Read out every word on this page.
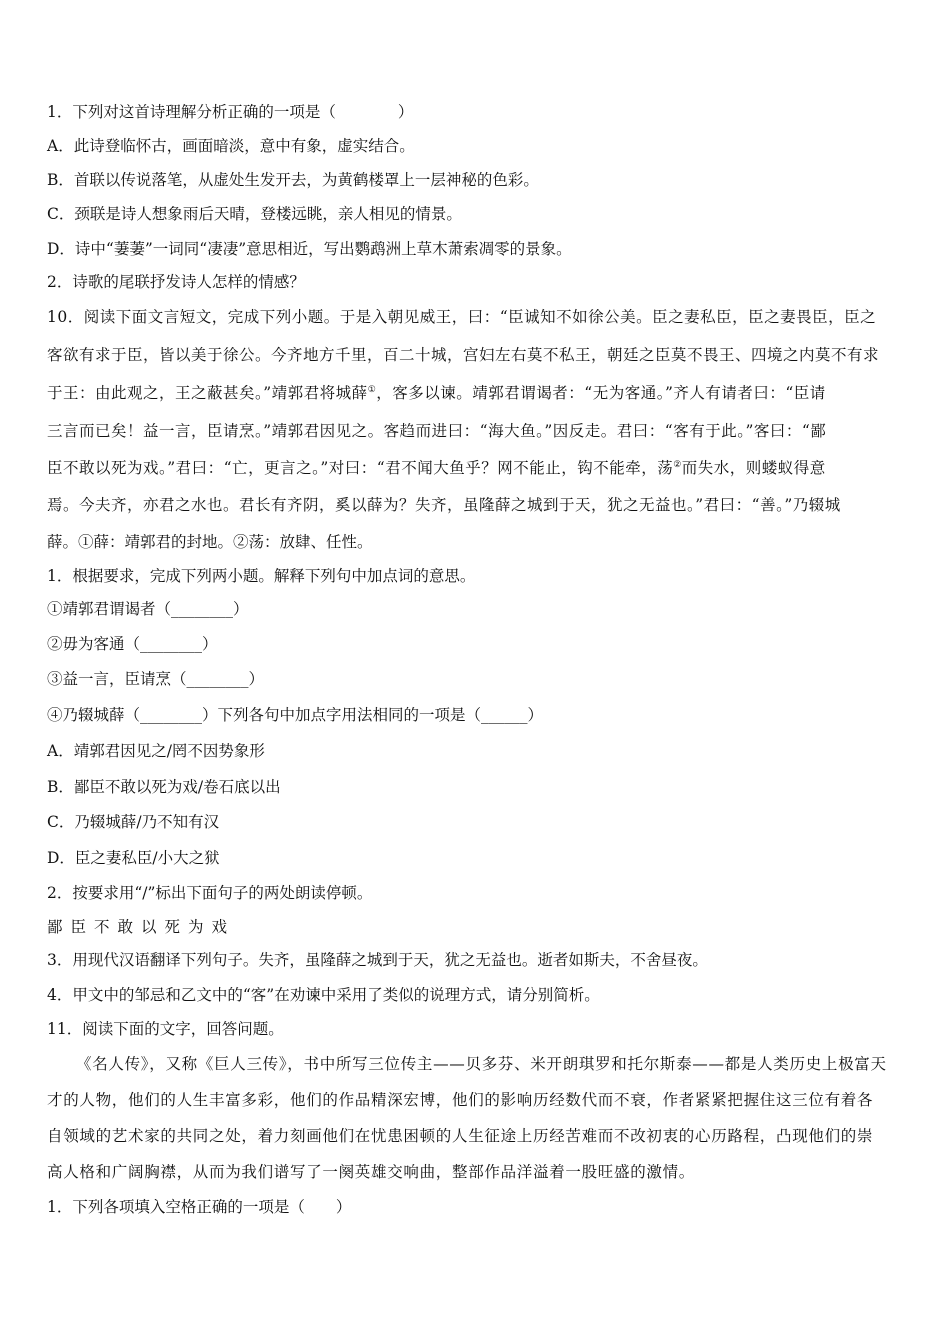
1．下列对这首诗理解分析正确的一项是（　　　　）
A．此诗登临怀古，画面暗淡，意中有象，虚实结合。
B．首联以传说落笔，从虚处生发开去，为黄鹤楼罩上一层神秘的色彩。
C．颈联是诗人想象雨后天晴，登楼远眺，亲人相见的情景。
D．诗中“萋萋”一词同“凄凄”意思相近，写出鹦鹉洲上草木萧索凋零的景象。
2．诗歌的尾联抒发诗人怎样的情感？
10．阅读下面文言短文，完成下列小题。于是入朝见威王，曰：“臣诚知不如徐公美。臣之妻私臣，臣之妻畏臣，臣之
客欲有求于臣，皆以美于徐公。今齐地方千里，百二十城，宫妇左右莫不私王，朝廷之臣莫不畏王、四境之内莫不有求
于王：由此观之，王之蔽甚矣。”靖郭君将城薛①，客多以谏。靖郭君谓谒者：“无为客通。”齐人有请者曰：“臣请
三言而已矣！益一言，臣请烹。”靖郭君因见之。客趋而进曰：“海大鱼。”因反走。君曰：“客有于此。”客曰：“鄙
臣不敢以死为戏。”君曰：“亡，更言之。”对曰：“君不闻大鱼乎？网不能止，钩不能牵，荡②而失水，则蝼蚁得意
焉。今夫齐，亦君之水也。君长有齐阴，奚以薛为？失齐，虽隆薛之城到于天，犹之无益也。”君曰：“善。”乃辍城
薛。①薛：靖郭君的封地。②荡：放肆、任性。
1．根据要求，完成下列两小题。解释下列句中加点词的意思。
①靖郭君谓谒者（________）
②毋为客通（________）
③益一言，臣请烹（________）
④乃辍城薛（________）下列各句中加点字用法相同的一项是（______）
A．靖郭君因见之/罔不因势象形
B．鄙臣不敢以死为戏/卷石底以出
C．乃辍城薛/乃不知有汉
D．臣之妻私臣/小大之狱
2．按要求用“/”标出下面句子的两处朗读停顿。
鄙臣不敢以死为戏
3．用现代汉语翻译下列句子。失齐，虽隆薛之城到于天，犹之无益也。逝者如斯夫，不舍昼夜。
4．甲文中的邹忌和乙文中的“客”在劝谏中采用了类似的说理方式，请分别简析。
11．阅读下面的文字，回答问题。
《名人传》，又称《巨人三传》，书中所写三位传主——贝多芬、米开朗琪罗和托尔斯泰——都是人类历史上极富天
才的人物，他们的人生丰富多彩，他们的作品精深宏博，他们的影响历经数代而不衰，作者紧紧把握住这三位有着各
自领域的艺术家的共同之处，着力刻画他们在忧患困顿的人生征途上历经苦难而不改初衷的心历路程，凸现他们的崇
高人格和广阔胸襟，从而为我们谱写了一阕英雄交响曲，整部作品洋溢着一股旺盛的激情。
1．下列各项填入空格正确的一项是（　　）
